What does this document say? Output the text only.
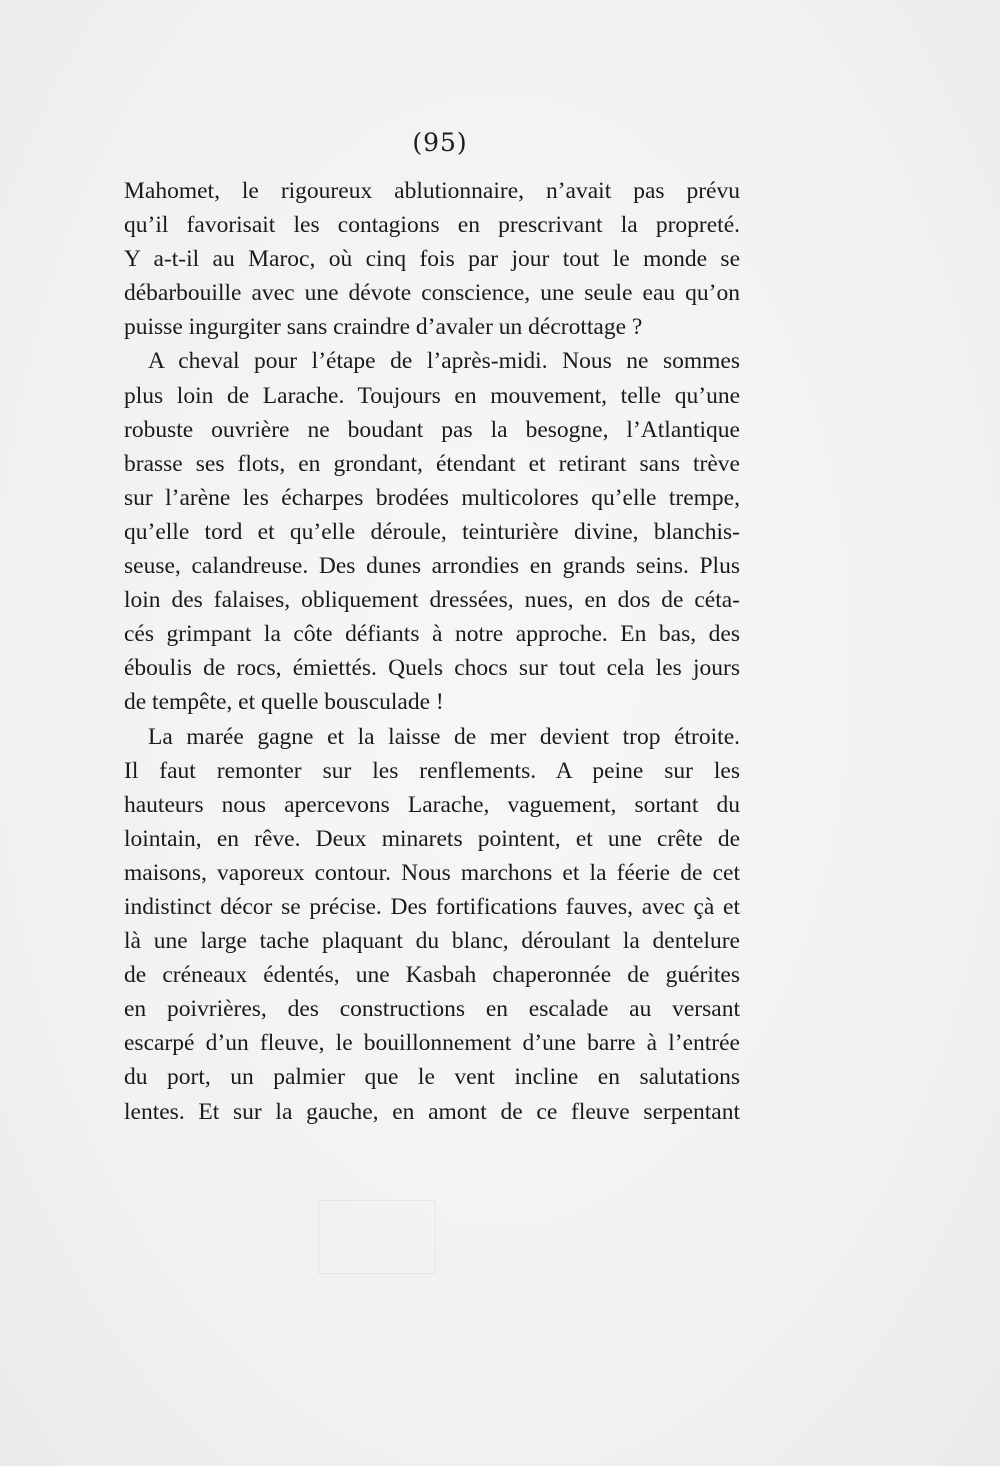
(95)
Mahomet, le rigoureux ablutionnaire, n’avait pas prévu
qu’il favorisait les contagions en prescrivant la propreté.
Y a-t-il au Maroc, où cinq fois par jour tout le monde se
débarbouille avec une dévote conscience, une seule eau qu’on
puisse ingurgiter sans craindre d’avaler un décrottage ?
A cheval pour l’étape de l’après-midi. Nous ne sommes
plus loin de Larache. Toujours en mouvement, telle qu’une
robuste ouvrière ne boudant pas la besogne, l’Atlantique
brasse ses flots, en grondant, étendant et retirant sans trève
sur l’arène les écharpes brodées multicolores qu’elle trempe,
qu’elle tord et qu’elle déroule, teinturière divine, blanchis-
seuse, calandreuse. Des dunes arrondies en grands seins. Plus
loin des falaises, obliquement dressées, nues, en dos de céta-
cés grimpant la côte défiants à notre approche. En bas, des
éboulis de rocs, émiettés. Quels chocs sur tout cela les jours
de tempête, et quelle bousculade !
La marée gagne et la laisse de mer devient trop étroite.
Il faut remonter sur les renflements. A peine sur les
hauteurs nous apercevons Larache, vaguement, sortant du
lointain, en rêve. Deux minarets pointent, et une crête de
maisons, vaporeux contour. Nous marchons et la féerie de cet
indistinct décor se précise. Des fortifications fauves, avec çà et
là une large tache plaquant du blanc, déroulant la dentelure
de créneaux édentés, une Kasbah chaperonnée de guérites
en poivrières, des constructions en escalade au versant
escarpé d’un fleuve, le bouillonnement d’une barre à l’entrée
du port, un palmier que le vent incline en salutations
lentes. Et sur la gauche, en amont de ce fleuve serpentant
